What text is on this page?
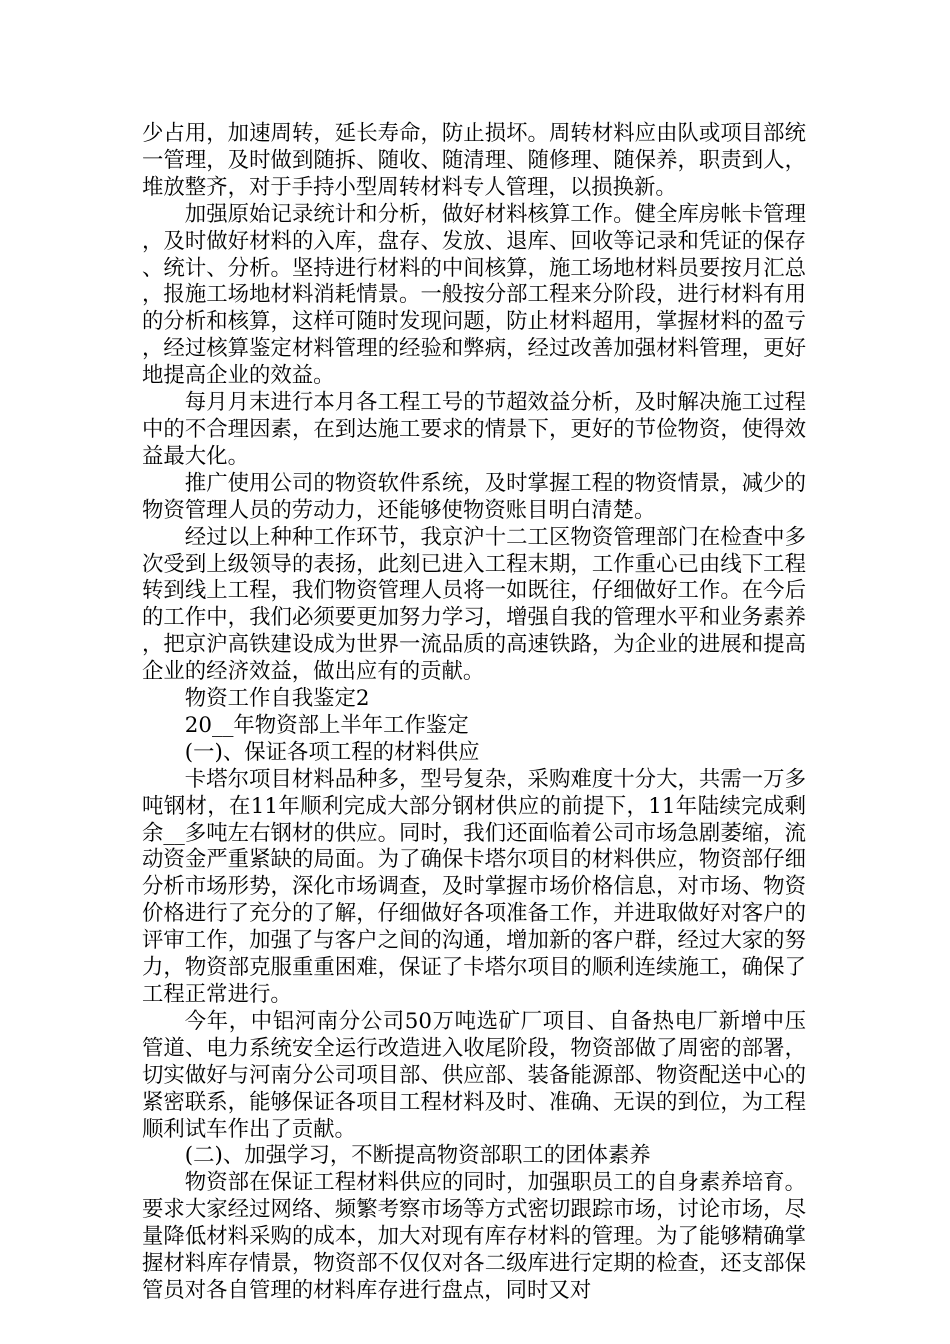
少占用，加速周转，延长寿命，防止损坏。周转材料应由队或项目部统一管理，及时做到随拆、随收、随清理、随修理、随保养，职责到人，堆放整齐，对于手持小型周转材料专人管理，以损换新。

加强原始记录统计和分析，做好材料核算工作。健全库房帐卡管理，及时做好材料的入库，盘存、发放、退库、回收等记录和凭证的保存、统计、分析。坚持进行材料的中间核算，施工场地材料员要按月汇总，报施工场地材料消耗情景。一般按分部工程来分阶段，进行材料有用的分析和核算，这样可随时发现问题，防止材料超用，掌握材料的盈亏，经过核算鉴定材料管理的经验和弊病，经过改善加强材料管理，更好地提高企业的效益。

每月月末进行本月各工程工号的节超效益分析，及时解决施工过程中的不合理因素，在到达施工要求的情景下，更好的节俭物资，使得效益最大化。

推广使用公司的物资软件系统，及时掌握工程的物资情景，减少的物资管理人员的劳动力，还能够使物资账目明白清楚。

经过以上种种工作环节，我京沪十二工区物资管理部门在检查中多次受到上级领导的表扬，此刻已进入工程末期，工作重心已由线下工程转到线上工程，我们物资管理人员将一如既往，仔细做好工作。在今后的工作中，我们必须要更加努力学习，增强自我的管理水平和业务素养，把京沪高铁建设成为世界一流品质的高速铁路，为企业的进展和提高企业的经济效益，做出应有的贡献。

物资工作自我鉴定2

20__年物资部上半年工作鉴定

(一)、保证各项工程的材料供应

卡塔尔项目材料品种多，型号复杂，采购难度十分大，共需一万多吨钢材，在11年顺利完成大部分钢材供应的前提下，11年陆续完成剩余__多吨左右钢材的供应。同时，我们还面临着公司市场急剧萎缩，流动资金严重紧缺的局面。为了确保卡塔尔项目的材料供应，物资部仔细分析市场形势，深化市场调查，及时掌握市场价格信息，对市场、物资价格进行了充分的了解，仔细做好各项准备工作，并进取做好对客户的评审工作，加强了与客户之间的沟通，增加新的客户群，经过大家的努力，物资部克服重重困难，保证了卡塔尔项目的顺利连续施工，确保了工程正常进行。

今年，中铝河南分公司50万吨选矿厂项目、自备热电厂新增中压管道、电力系统安全运行改造进入收尾阶段，物资部做了周密的部署，切实做好与河南分公司项目部、供应部、装备能源部、物资配送中心的紧密联系，能够保证各项目工程材料及时、准确、无误的到位，为工程顺利试车作出了贡献。

(二)、加强学习，不断提高物资部职工的团体素养

物资部在保证工程材料供应的同时，加强职员工的自身素养培育。要求大家经过网络、频繁考察市场等方式密切跟踪市场，讨论市场，尽量降低材料采购的成本，加大对现有库存材料的管理。为了能够精确掌握材料库存情景，物资部不仅仅对各二级库进行定期的检查，还支部保管员对各自管理的材料库存进行盘点，同时又对
